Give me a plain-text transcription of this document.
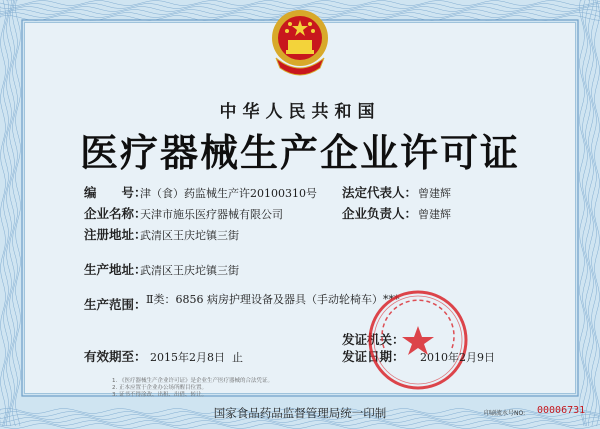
中华人民共和国
医疗器械生产企业许可证
编　　号：
津（食）药监械生产许20100310号 法定代表人： 曾建辉
企业名称：
天津市施乐医疗器械有限公司	企业负责人： 曾建辉
注册地址：
武清区王庆坨镇三街
生产地址：
武清区王庆坨镇三街
生产范围： Ⅱ类：6856 病房护理设备及器具（手动轮椅车）***
发证机关：
有效期至： 2015年2月8日 止	发证日期： 2010年2月9日
1. 《医疗器械生产企业许可证》是企业生产医疗器械的合法凭证。
2. 正本应置于企业办公场所醒目位置。
3. 证书不得涂改、出租、出借、转让。
国家食品药品监督管理局统一印制	印刷流水号NO: 00006731
